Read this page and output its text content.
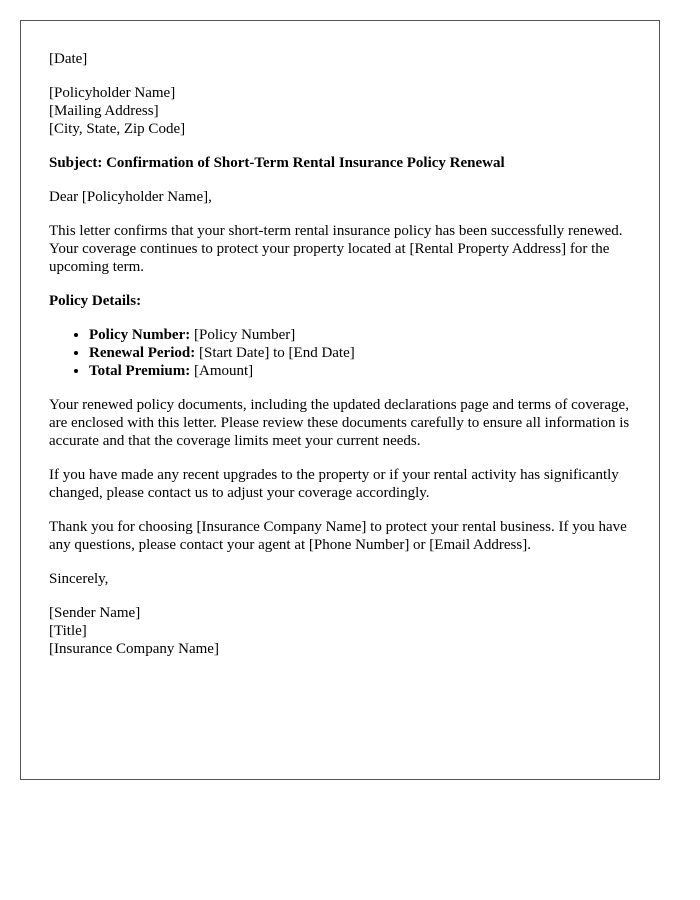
[Date]

[Policyholder Name]

[Mailing Address]

[City, State, Zip Code]

Subject: Confirmation of Short-Term Rental Insurance Policy Renewal

Dear [Policyholder Name],

This letter confirms that your short-term rental insurance policy has been successfully renewed. Your coverage continues to protect your property located at [Rental Property Address] for the upcoming term.

Policy Details:

• Policy Number: [Policy Number]
• Renewal Period: [Start Date] to [End Date]
• Total Premium: [Amount]

Your renewed policy documents, including the updated declarations page and terms of coverage, are enclosed with this letter. Please review these documents carefully to ensure all information is accurate and that the coverage limits meet your current needs.

If you have made any recent upgrades to the property or if your rental activity has significantly changed, please contact us to adjust your coverage accordingly.

Thank you for choosing [Insurance Company Name] to protect your rental business. If you have any questions, please contact your agent at [Phone Number] or [Email Address].

Sincerely,

[Sender Name]

[Title]

[Insurance Company Name]
